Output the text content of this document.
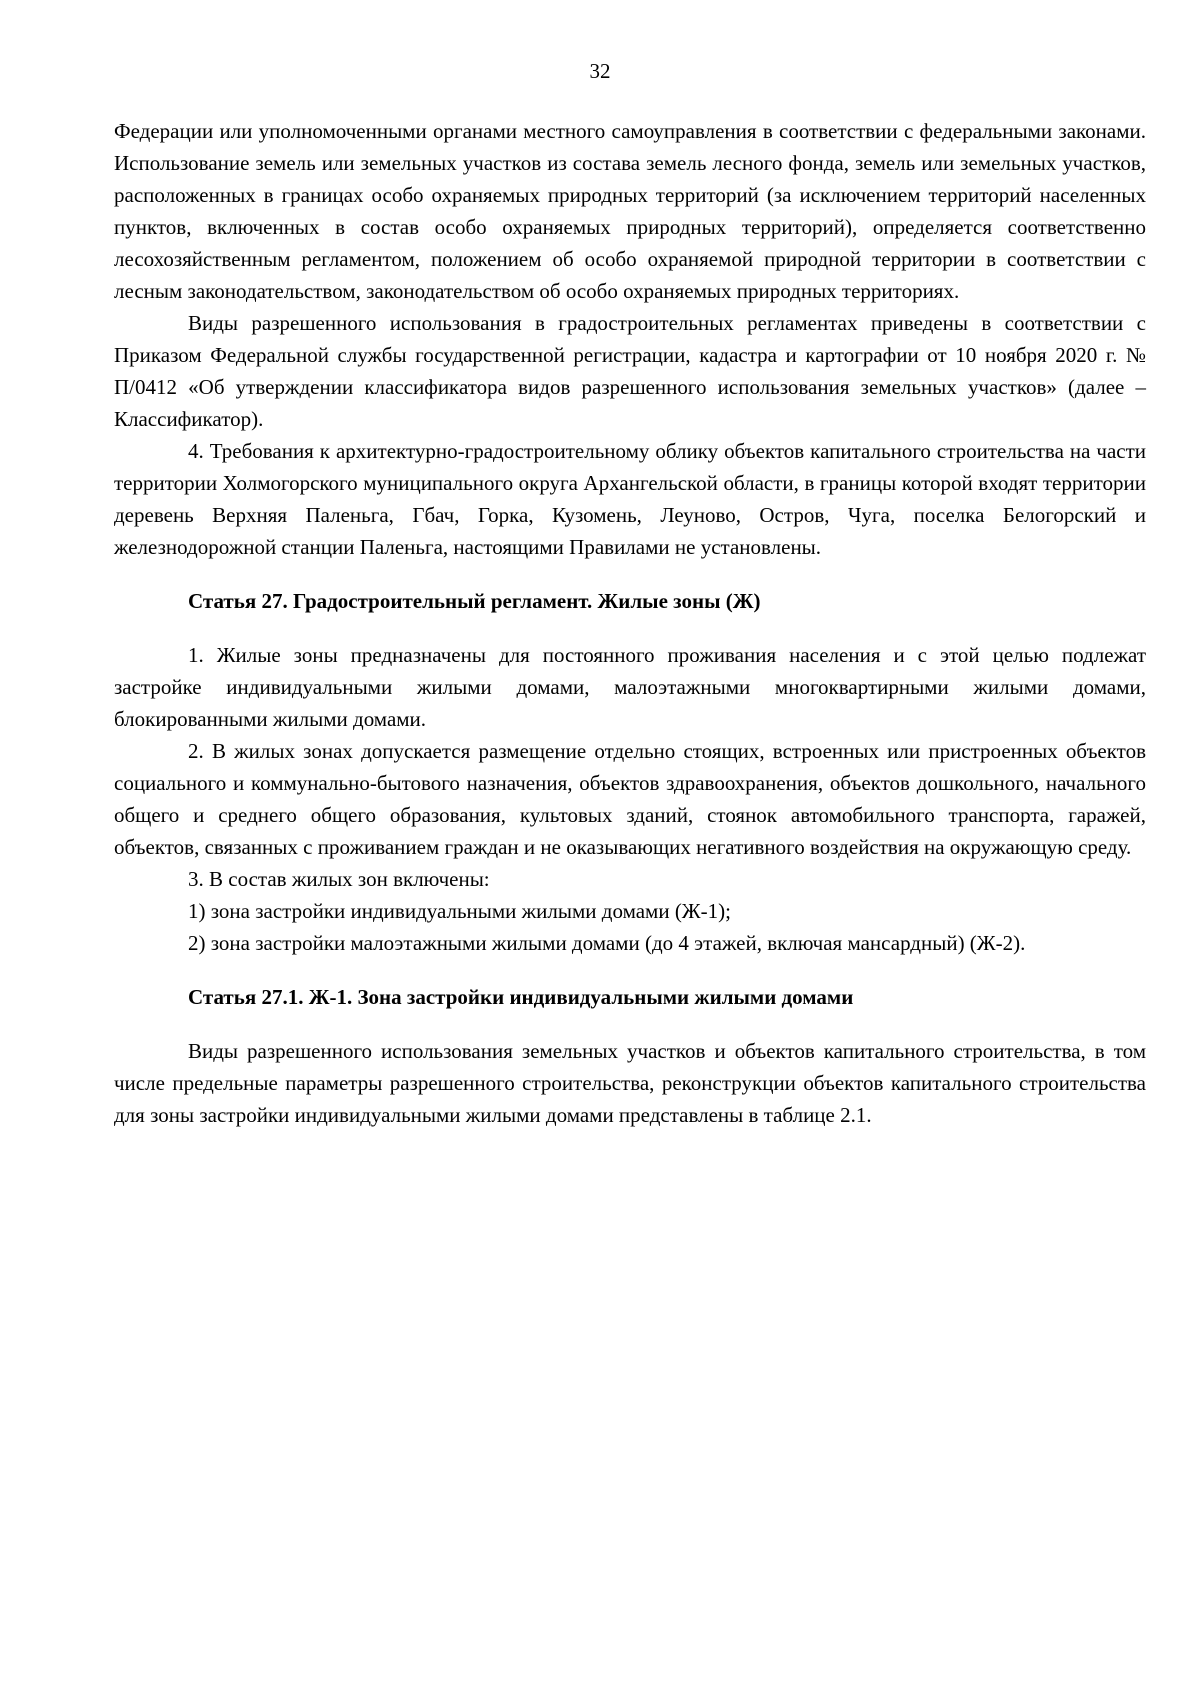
32

Федерации или уполномоченными органами местного самоуправления в соответствии с федеральными законами. Использование земель или земельных участков из состава земель лесного фонда, земель или земельных участков, расположенных в границах особо охраняемых природных территорий (за исключением территорий населенных пунктов, включенных в состав особо охраняемых природных территорий), определяется соответственно лесохозяйственным регламентом, положением об особо охраняемой природной территории в соответствии с лесным законодательством, законодательством об особо охраняемых природных территориях.

Виды разрешенного использования в градостроительных регламентах приведены в соответствии с Приказом Федеральной службы государственной регистрации, кадастра и картографии от 10 ноября 2020 г. № П/0412 «Об утверждении классификатора видов разрешенного использования земельных участков» (далее – Классификатор).

4. Требования к архитектурно-градостроительному облику объектов капитального строительства на части территории Холмогорского муниципального округа Архангельской области, в границы которой входят территории деревень Верхняя Паленьга, Гбач, Горка, Кузомень, Леуново, Остров, Чуга, поселка Белогорский и железнодорожной станции Паленьга, настоящими Правилами не установлены.

Статья 27. Градостроительный регламент. Жилые зоны (Ж)

1. Жилые зоны предназначены для постоянного проживания населения и с этой целью подлежат застройке индивидуальными жилыми домами, малоэтажными многоквартирными жилыми домами, блокированными жилыми домами.

2. В жилых зонах допускается размещение отдельно стоящих, встроенных или пристроенных объектов социального и коммунально-бытового назначения, объектов здравоохранения, объектов дошкольного, начального общего и среднего общего образования, культовых зданий, стоянок автомобильного транспорта, гаражей, объектов, связанных с проживанием граждан и не оказывающих негативного воздействия на окружающую среду.

3. В состав жилых зон включены:

1) зона застройки индивидуальными жилыми домами (Ж-1);

2) зона застройки малоэтажными жилыми домами (до 4 этажей, включая мансардный) (Ж-2).

Статья 27.1. Ж-1. Зона застройки индивидуальными жилыми домами

Виды разрешенного использования земельных участков и объектов капитального строительства, в том числе предельные параметры разрешенного строительства, реконструкции объектов капитального строительства для зоны застройки индивидуальными жилыми домами представлены в таблице 2.1.
